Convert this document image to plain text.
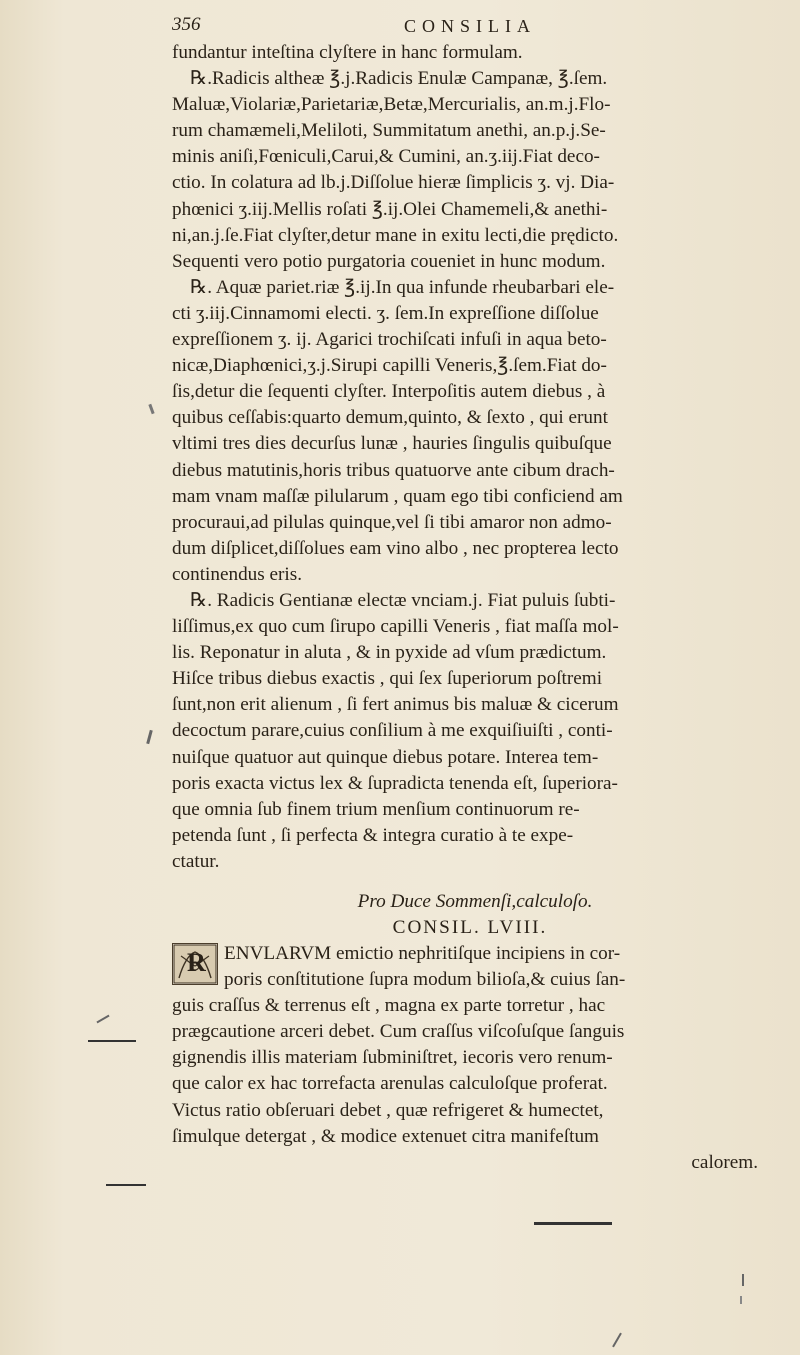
356	CONSILIA
fundantur inteſtina clyſtere in hanc formulam.
℞.Radicis altheæ ℥.j.Radicis Enulæ Campanæ, ℥.ſem.
Maluæ,Violariæ,Parietariæ,Betæ,Mercurialis, an.m.j.Flo-
rum chamæmeli,Meliloti, Summitatum anethi, an.p.j.Se-
minis aniſi,Fœniculi,Carui,& Cumini, an.ʒ.iij.Fiat deco-
ctio. In colatura ad lb.j.Diſſolue hieræ ſimplicis ʒ. vj. Dia-
phœnici ʒ.iij.Mellis roſati ℥.ij.Olei Chamemeli,& anethi-
ni,an.j.ſe.Fiat clyſter,detur mane in exitu lecti,die prędicto.
Sequenti vero potio purgatoria coueniet in hunc modum.
℞. Aquæ pariet.riæ ℥.ij.In qua infunde rheubarbari ele-
cti ʒ.iij.Cinnamomi electi. ʒ. ſem.In expreſſione diſſolue
expreſſionem ʒ. ij. Agarici trochiſcati infuſi in aqua beto-
nicæ,Diaphœnici,ʒ.j.Sirupi capilli Veneris,℥.ſem.Fiat do-
ſis,detur die ſequenti clyſter. Interpoſitis autem diebus , à
quibus ceſſabis:quarto demum,quinto, & ſexto , qui erunt
vltimi tres dies decurſus lunæ , hauries ſingulis quibuſque
diebus matutinis,horis tribus quatuorve ante cibum drach-
mam vnam maſſæ pilularum , quam ego tibi conficiend am
procuraui,ad pilulas quinque,vel ſi tibi amaror non admo-
dum diſplicet,diſſolues eam vino albo , nec propterea lecto
continendus eris.
℞. Radicis Gentianæ electæ vnciam.j. Fiat puluis ſubti-
liſſimus,ex quo cum ſirupo capilli Veneris , fiat maſſa mol-
lis. Reponatur in aluta , & in pyxide ad vſum prædictum.
Hiſce tribus diebus exactis , qui ſex ſuperiorum poſtremi
ſunt,non erit alienum , ſi fert animus bis maluæ & cicerum
decoctum parare,cuius conſilium à me exquiſiuiſti , conti-
nuiſque quatuor aut quinque diebus potare. Interea tem-
poris exacta victus lex & ſupradicta tenenda eſt, ſuperiora-
que omnia ſub finem trium menſium continuorum re-
petenda ſunt , ſi perfecta & integra curatio à te expe-
ctatur.
Pro Duce Sommenſi,calculoſo.
CONSIL. LVIII.
R ENVLARVM emictio nephritiſque incipiens in cor-
poris conſtitutione ſupra modum bilioſa,& cuius ſan-
guis craſſus & terrenus eſt , magna ex parte torretur , hac
prægcautione arceri debet. Cum craſſus viſcoſuſque ſanguis
gignendis illis materiam ſubminiſtret, iecoris vero renum-
que calor ex hac torrefacta arenulas calculoſque proferat.
Victus ratio obſeruari debet , quæ refrigeret & humectet,
ſimulque detergat , & modice extenuet citra manifeſtum
calorem.
